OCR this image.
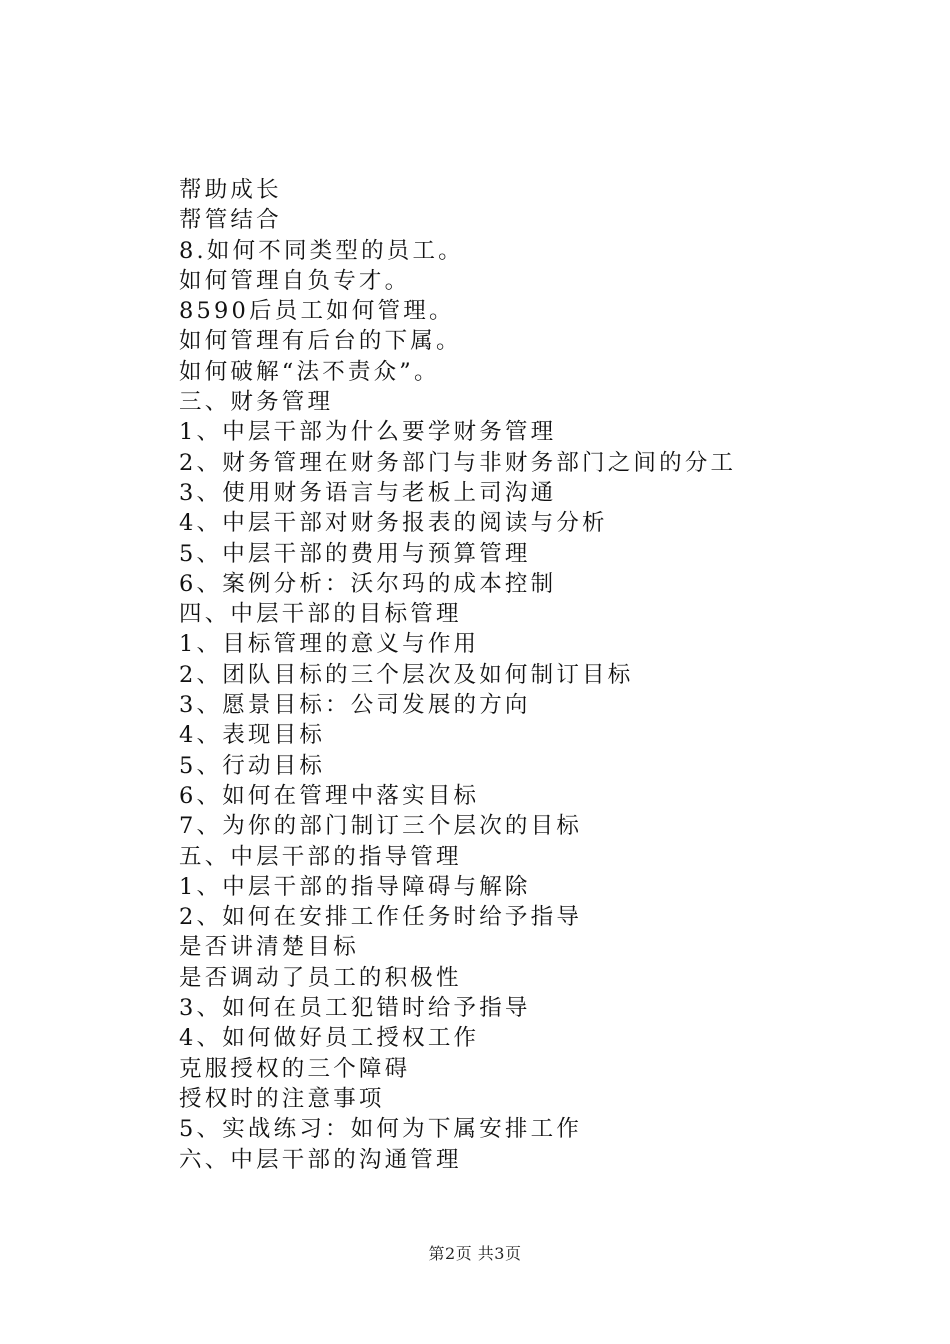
帮助成长
帮管结合
8.如何不同类型的员工。
如何管理自负专才。
8590后员工如何管理。
如何管理有后台的下属。
如何破解“法不责众”。
三、财务管理
1、中层干部为什么要学财务管理
2、财务管理在财务部门与非财务部门之间的分工
3、使用财务语言与老板上司沟通
4、中层干部对财务报表的阅读与分析
5、中层干部的费用与预算管理
6、案例分析：沃尔玛的成本控制
四、中层干部的目标管理
1、目标管理的意义与作用
2、团队目标的三个层次及如何制订目标
3、愿景目标：公司发展的方向
4、表现目标
5、行动目标
6、如何在管理中落实目标
7、为你的部门制订三个层次的目标
五、中层干部的指导管理
1、中层干部的指导障碍与解除
2、如何在安排工作任务时给予指导
是否讲清楚目标
是否调动了员工的积极性
3、如何在员工犯错时给予指导
4、如何做好员工授权工作
克服授权的三个障碍
授权时的注意事项
5、实战练习：如何为下属安排工作
六、中层干部的沟通管理
第2页 共3页
